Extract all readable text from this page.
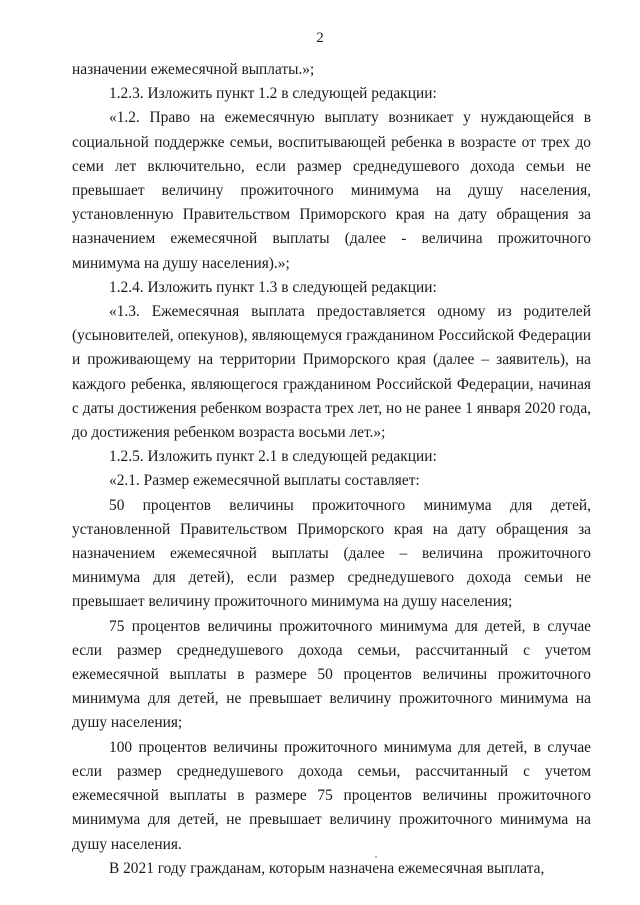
2

назначении ежемесячной выплаты.»;

1.2.3. Изложить пункт 1.2 в следующей редакции:

«1.2. Право на ежемесячную выплату возникает у нуждающейся в социальной поддержке семьи, воспитывающей ребенка в возрасте от трех до семи лет включительно, если размер среднедушевого дохода семьи не превышает величину прожиточного минимума на душу населения, установленную Правительством Приморского края на дату обращения за назначением ежемесячной выплаты (далее - величина прожиточного минимума на душу населения).»;

1.2.4. Изложить пункт 1.3 в следующей редакции:

«1.3. Ежемесячная выплата предоставляется одному из родителей (усыновителей, опекунов), являющемуся гражданином Российской Федерации и проживающему на территории Приморского края (далее – заявитель), на каждого ребенка, являющегося гражданином Российской Федерации, начиная с даты достижения ребенком возраста трех лет, но не ранее 1 января 2020 года, до достижения ребенком возраста восьми лет.»;

1.2.5. Изложить пункт 2.1 в следующей редакции:

«2.1. Размер ежемесячной выплаты составляет:

50 процентов величины прожиточного минимума для детей, установленной Правительством Приморского края на дату обращения за назначением ежемесячной выплаты (далее – величина прожиточного минимума для детей), если размер среднедушевого дохода семьи не превышает величину прожиточного минимума на душу населения;

75 процентов величины прожиточного минимума для детей, в случае если размер среднедушевого дохода семьи, рассчитанный с учетом ежемесячной выплаты в размере 50 процентов величины прожиточного минимума для детей, не превышает величину прожиточного минимума на душу населения;

100 процентов величины прожиточного минимума для детей, в случае если размер среднедушевого дохода семьи, рассчитанный с учетом ежемесячной выплаты в размере 75 процентов величины прожиточного минимума для детей, не превышает величину прожиточного минимума на душу населения.

В 2021 году гражданам, которым назначена ежемесячная выплата,
